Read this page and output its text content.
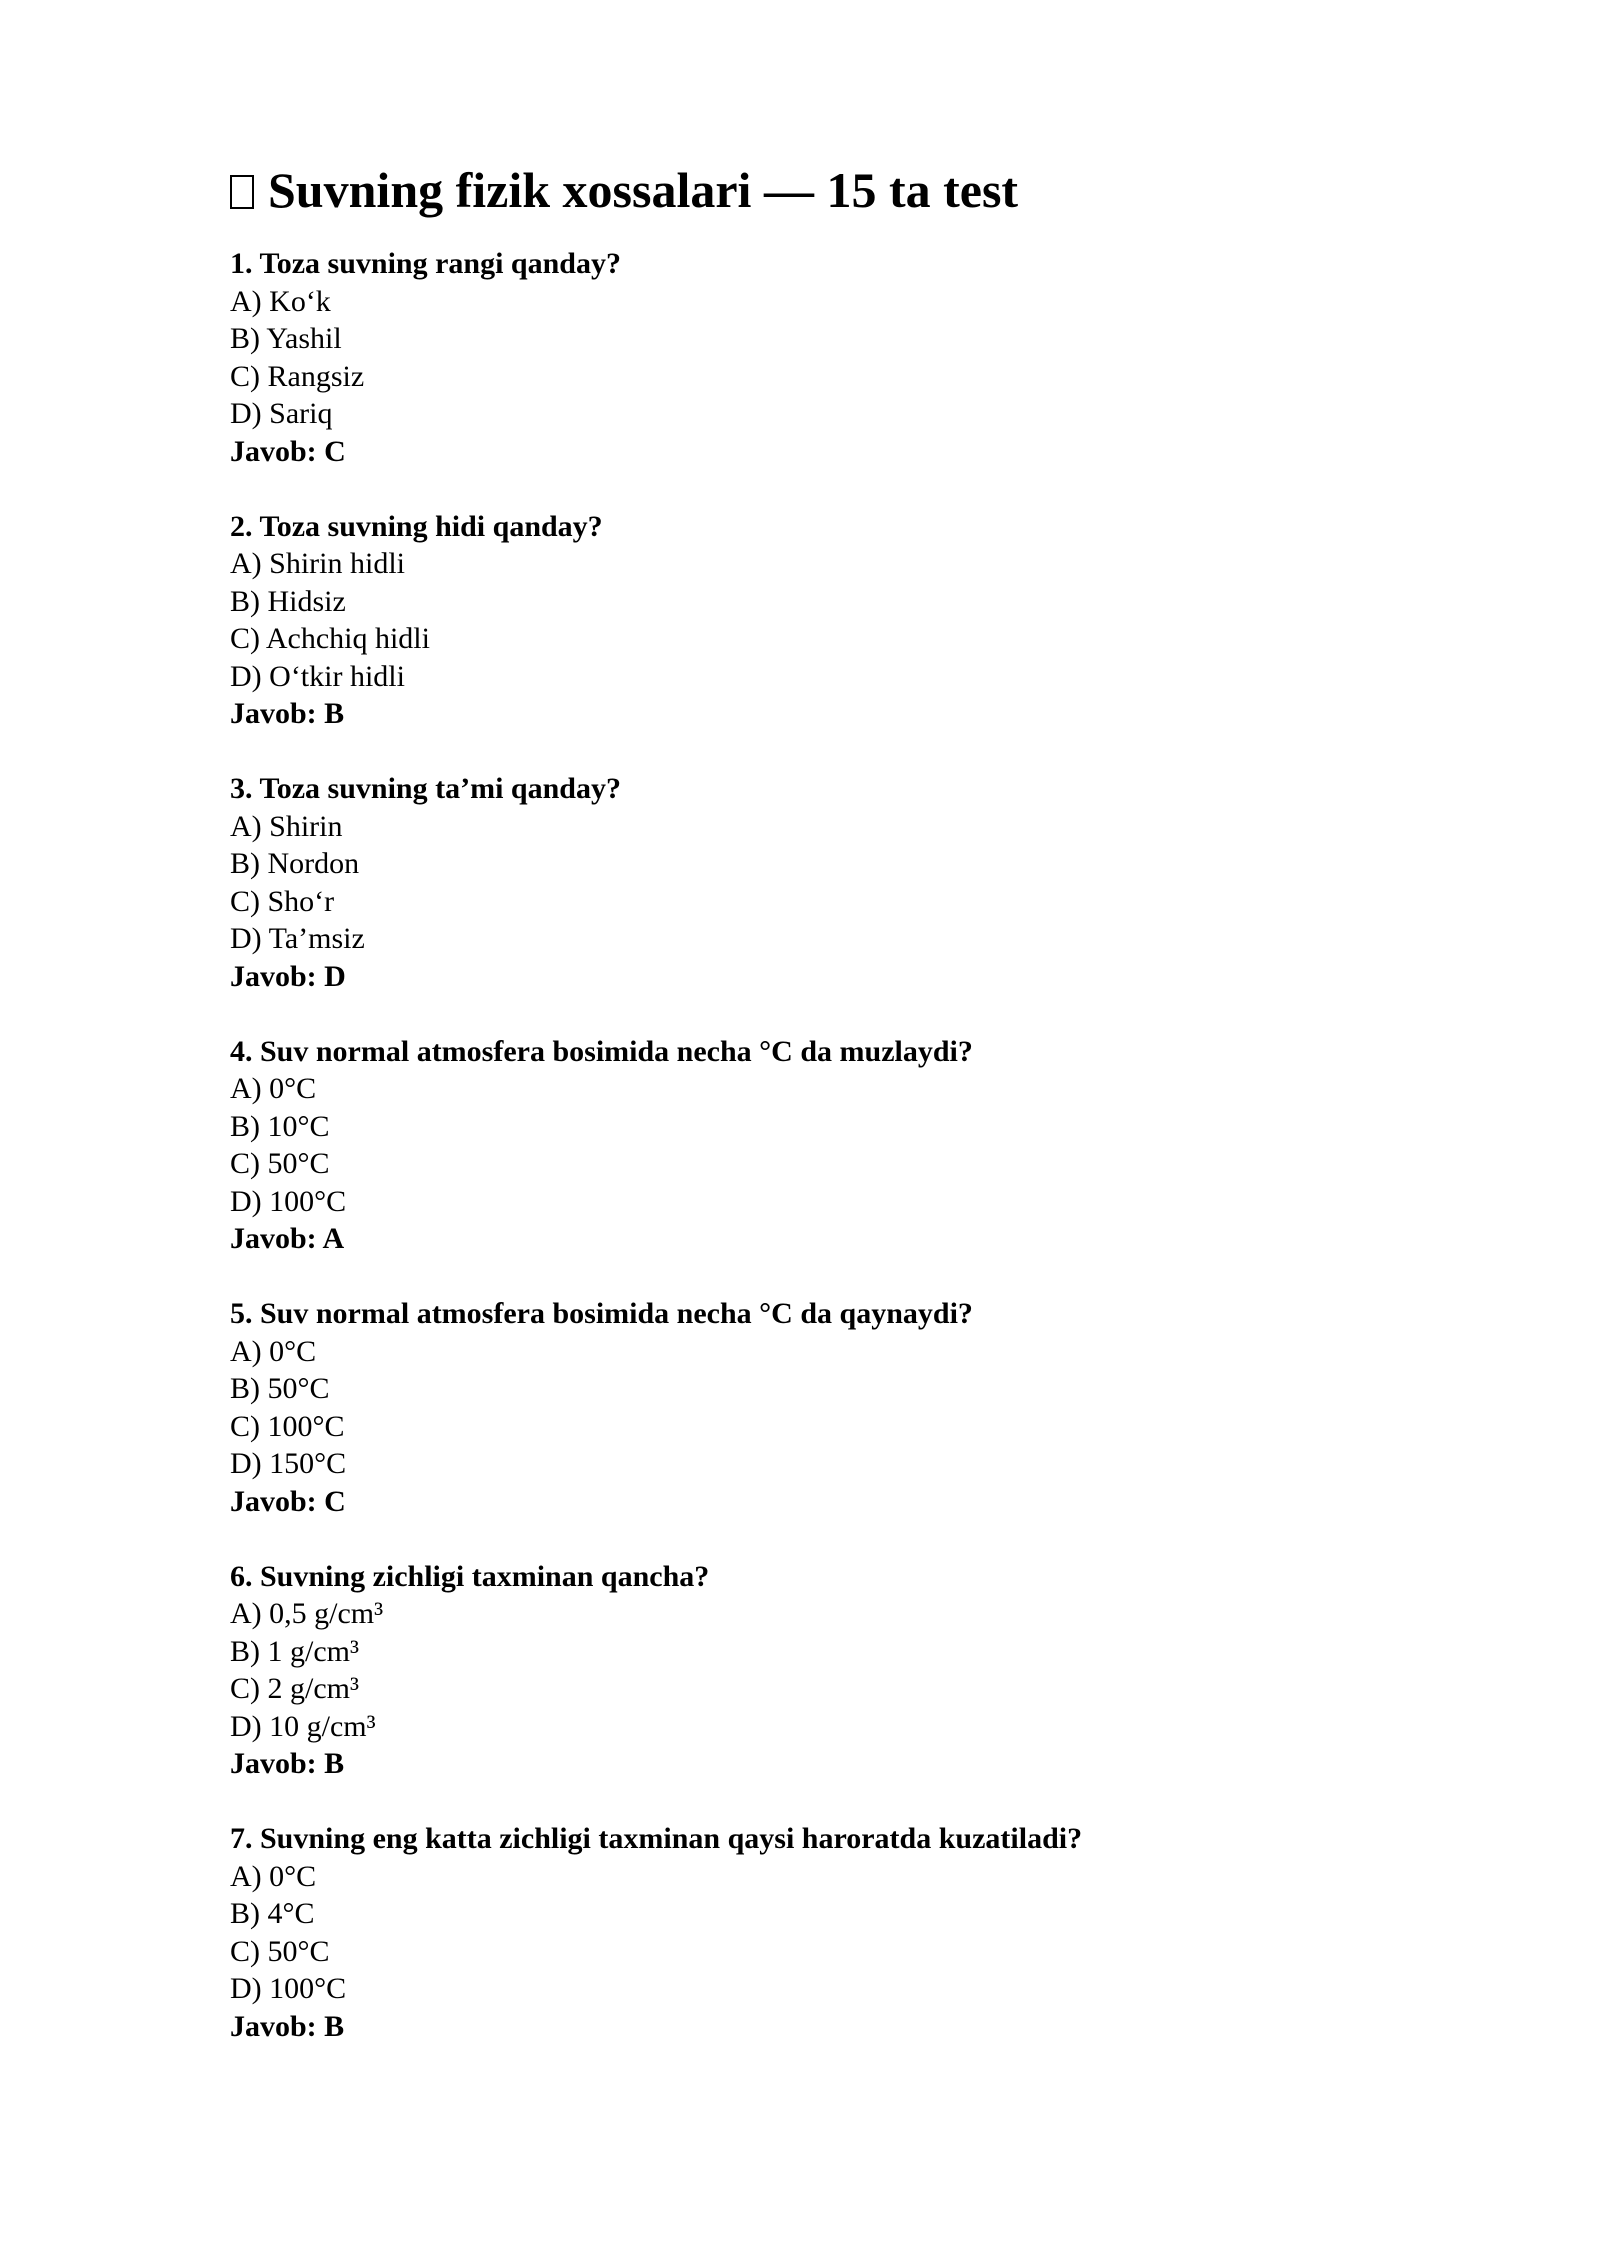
Suvning fizik xossalari — 15 ta test
1. Toza suvning rangi qanday?
A) Ko‘k
B) Yashil
C) Rangsiz
D) Sariq
Javob: C
2. Toza suvning hidi qanday?
A) Shirin hidli
B) Hidsiz
C) Achchiq hidli
D) O‘tkir hidli
Javob: B
3. Toza suvning ta’mi qanday?
A) Shirin
B) Nordon
C) Sho‘r
D) Ta’msiz
Javob: D
4. Suv normal atmosfera bosimida necha °C da muzlaydi?
A) 0°C
B) 10°C
C) 50°C
D) 100°C
Javob: A
5. Suv normal atmosfera bosimida necha °C da qaynaydi?
A) 0°C
B) 50°C
C) 100°C
D) 150°C
Javob: C
6. Suvning zichligi taxminan qancha?
A) 0,5 g/cm³
B) 1 g/cm³
C) 2 g/cm³
D) 10 g/cm³
Javob: B
7. Suvning eng katta zichligi taxminan qaysi haroratda kuzatiladi?
A) 0°C
B) 4°C
C) 50°C
D) 100°C
Javob: B
